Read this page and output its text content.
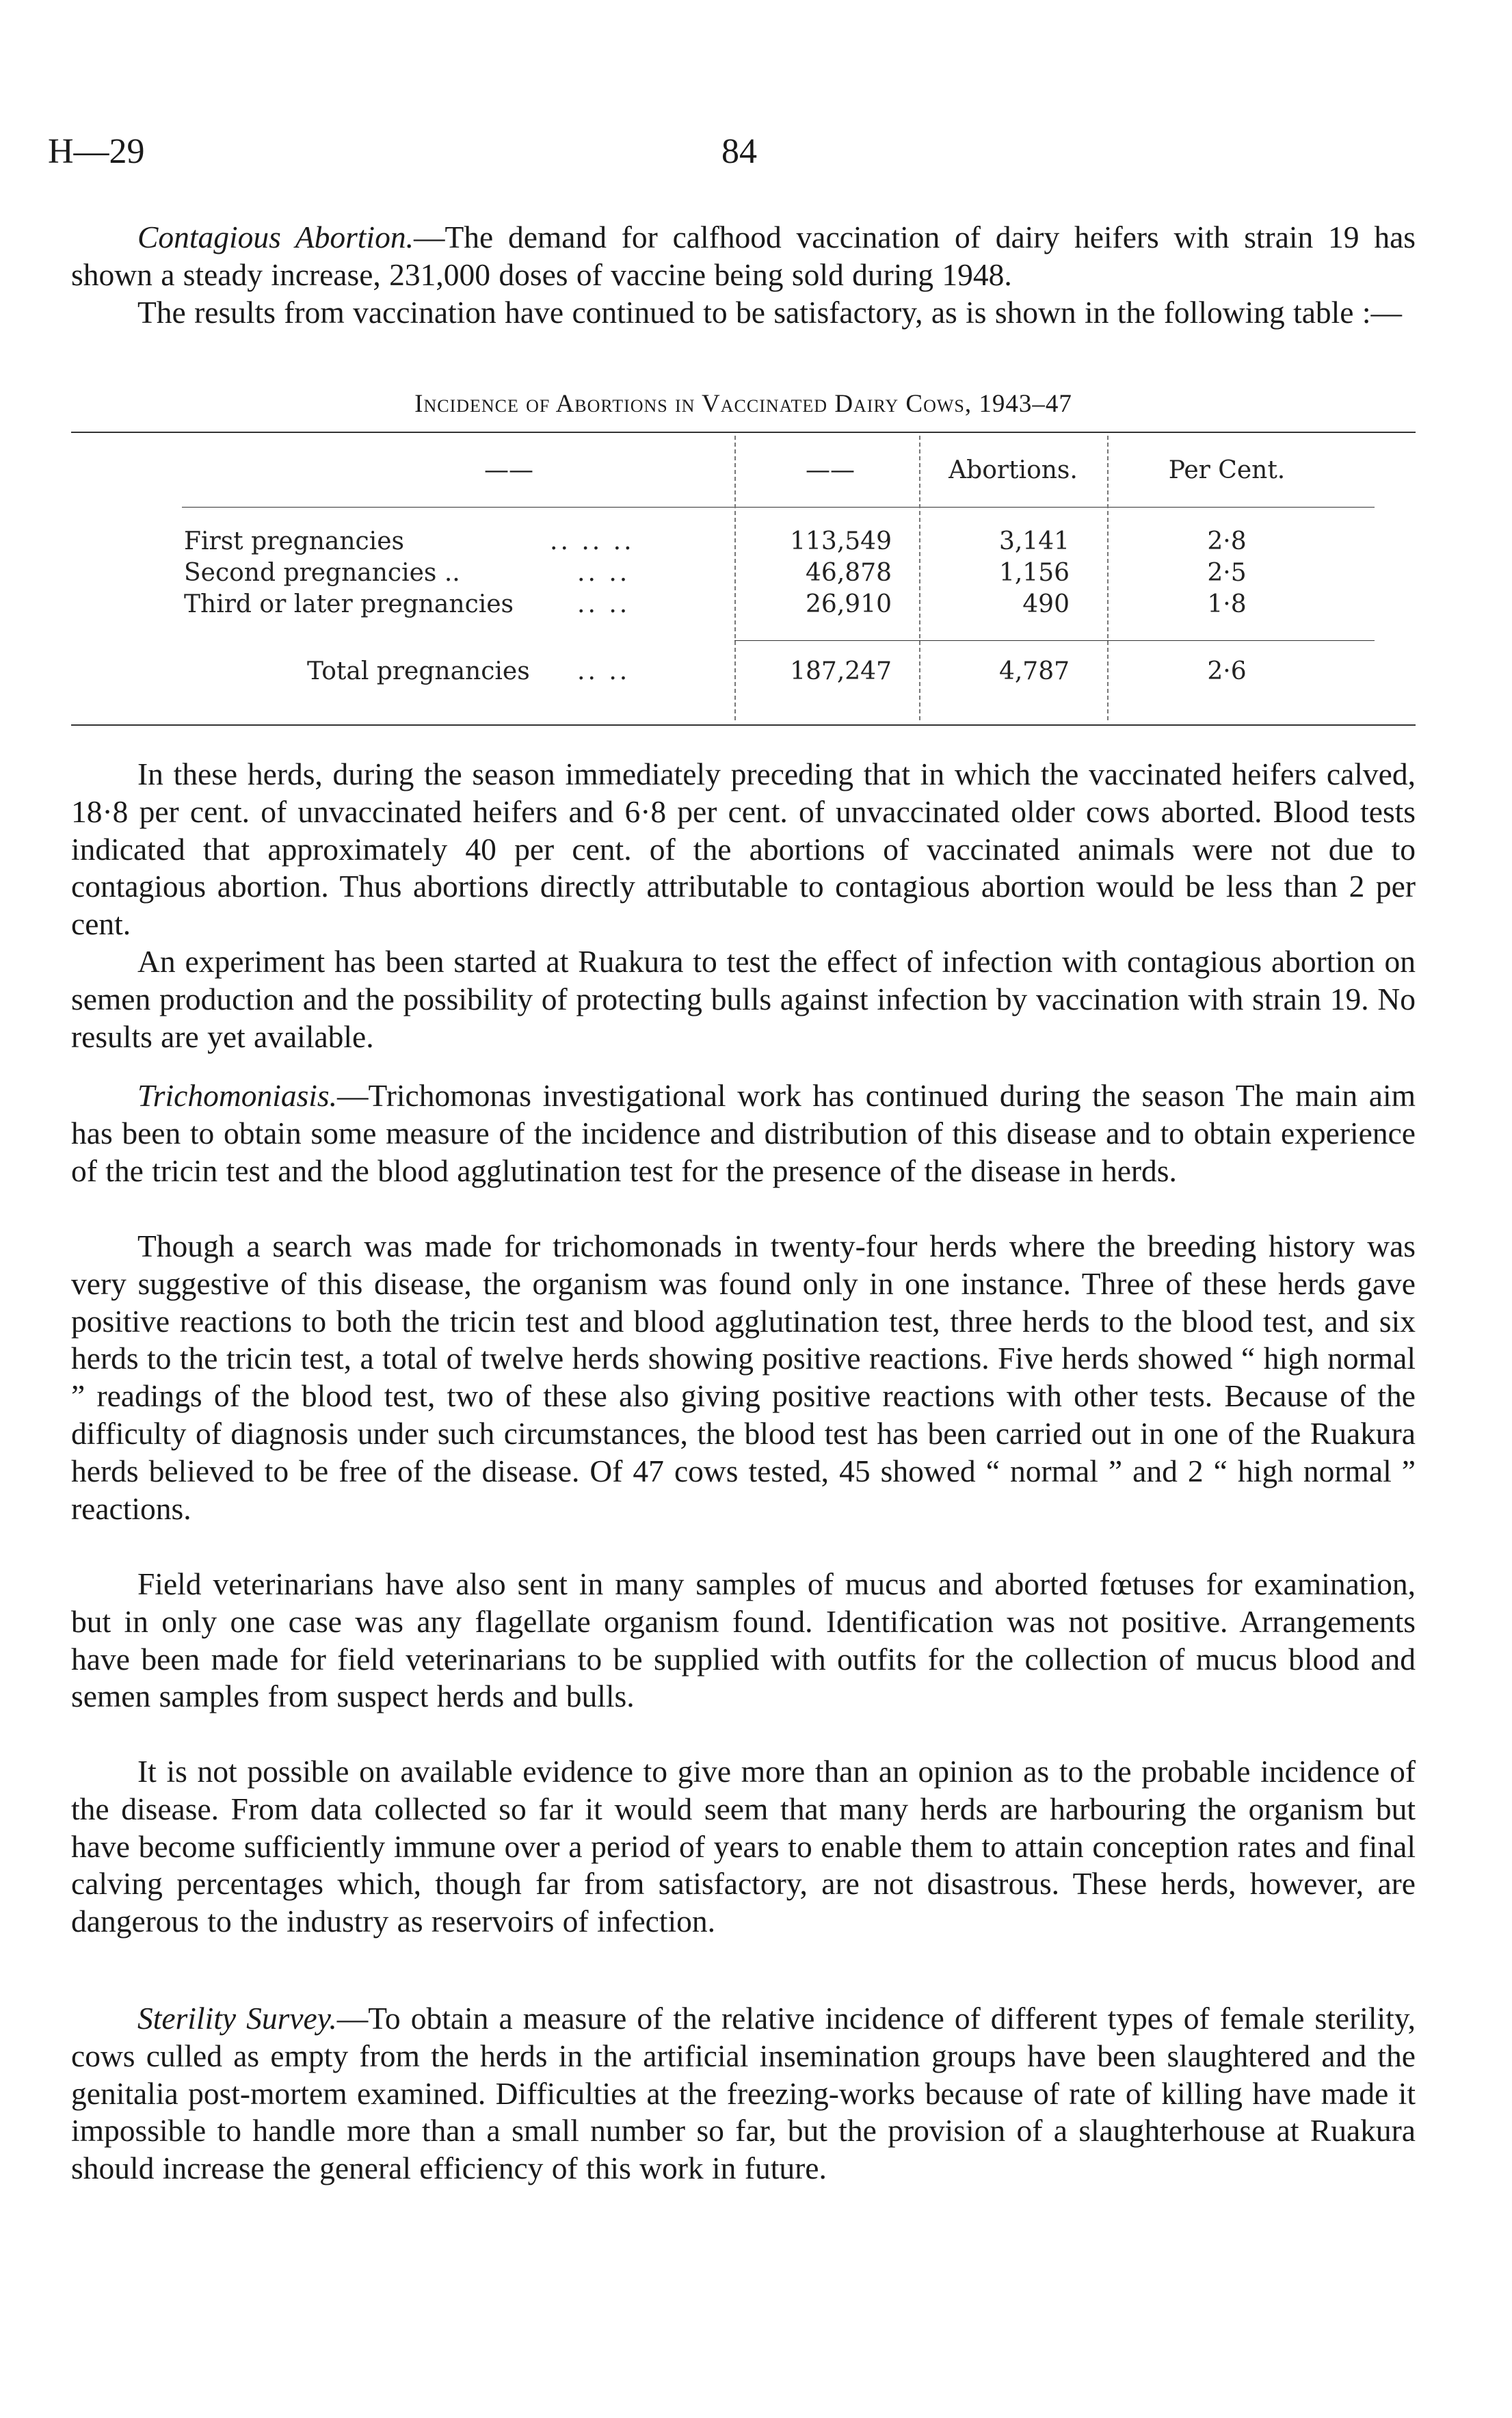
H—29	84

Contagious Abortion.—The demand for calfhood vaccination of dairy heifers with strain 19 has shown a steady increase, 231,000 doses of vaccine being sold during 1948.

The results from vaccination have continued to be satisfactory, as is shown in the following table :—

Incidence of Abortions in Vaccinated Dairy Cows, 1943–47
——	——	Abortions.	Per Cent.
First pregnancies	.. .. ..	113,549	3,141	2·8
Second pregnancies ..	.. ..	46,878	1,156	2·5
Third or later pregnancies	.. ..	26,910	490	1·8
Total pregnancies .. ..	187,247	4,787	2·6

In these herds, during the season immediately preceding that in which the vaccinated heifers calved, 18·8 per cent. of unvaccinated heifers and 6·8 per cent. of unvaccinated older cows aborted. Blood tests indicated that approximately 40 per cent. of the abortions of vaccinated animals were not due to contagious abortion. Thus abortions directly attributable to contagious abortion would be less than 2 per cent.

An experiment has been started at Ruakura to test the effect of infection with contagious abortion on semen production and the possibility of protecting bulls against infection by vaccination with strain 19. No results are yet available.

Trichomoniasis.—Trichomonas investigational work has continued during the season The main aim has been to obtain some measure of the incidence and distribution of this disease and to obtain experience of the tricin test and the blood agglutination test for the presence of the disease in herds.

Though a search was made for trichomonads in twenty-four herds where the breeding history was very suggestive of this disease, the organism was found only in one instance. Three of these herds gave positive reactions to both the tricin test and blood agglutination test, three herds to the blood test, and six herds to the tricin test, a total of twelve herds showing positive reactions. Five herds showed “ high normal ” readings of the blood test, two of these also giving positive reactions with other tests. Because of the difficulty of diagnosis under such circumstances, the blood test has been carried out in one of the Ruakura herds believed to be free of the disease. Of 47 cows tested, 45 showed “ normal ” and 2 “ high normal ” reactions.

Field veterinarians have also sent in many samples of mucus and aborted fœtuses for examination, but in only one case was any flagellate organism found. Identification was not positive. Arrangements have been made for field veterinarians to be supplied with outfits for the collection of mucus blood and semen samples from suspect herds and bulls.

It is not possible on available evidence to give more than an opinion as to the probable incidence of the disease. From data collected so far it would seem that many herds are harbouring the organism but have become sufficiently immune over a period of years to enable them to attain conception rates and final calving percentages which, though far from satisfactory, are not disastrous. These herds, however, are dangerous to the industry as reservoirs of infection.

Sterility Survey.—To obtain a measure of the relative incidence of different types of female sterility, cows culled as empty from the herds in the artificial insemination groups have been slaughtered and the genitalia post-mortem examined. Difficulties at the freezing-works because of rate of killing have made it impossible to handle more than a small number so far, but the provision of a slaughterhouse at Ruakura should increase the general efficiency of this work in future.
